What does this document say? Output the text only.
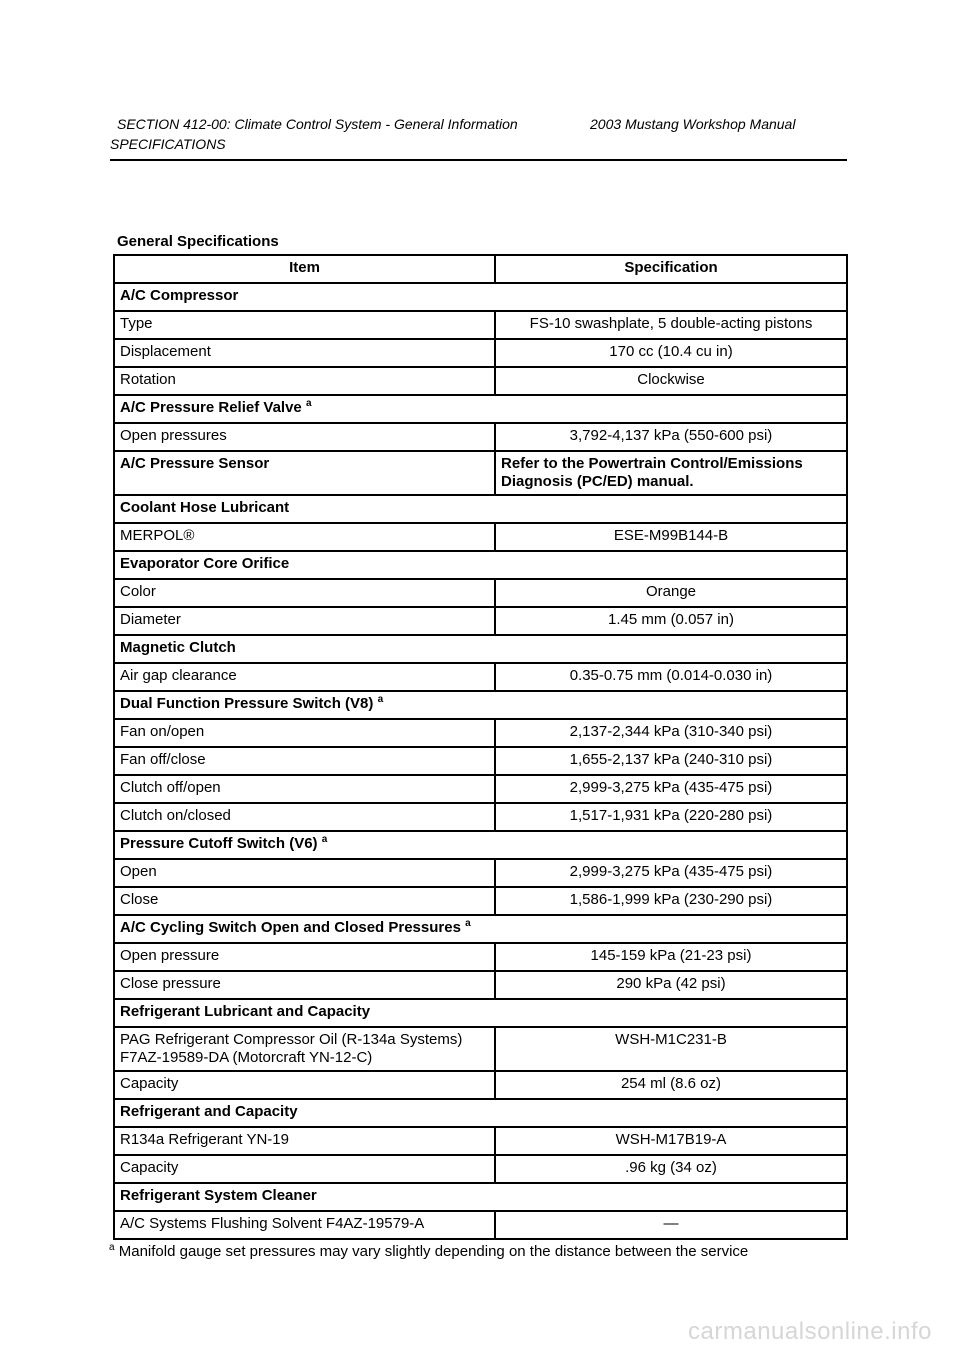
SECTION 412-00: Climate Control System - General Information	2003 Mustang Workshop Manual
SPECIFICATIONS
General Specifications
Item	Specification
A/C Compressor	
Type	FS-10 swashplate, 5 double-acting pistons
Displacement	170 cc (10.4 cu in)
Rotation	Clockwise
A/C Pressure Relief Valve $^a$
Open pressures	3,792-4,137 kPa (550-600 psi)
A/C Pressure Sensor	Refer to the Powertrain Control/Emissions Diagnosis (PC/ED) manual.
Coolant Hose Lubricant	
MERPOL®	ESE-M99B144-B
Evaporator Core Orifice	
Color	Orange
Diameter	1.45 mm (0.057 in)
Magnetic Clutch	
Air gap clearance	0.35-0.75 mm (0.014-0.030 in)
Dual Function Pressure Switch (V8) $^a$
Fan on/open	2,137-2,344 kPa (310-340 psi)
Fan off/close	1,655-2,137 kPa (240-310 psi)
Clutch off/open	2,999-3,275 kPa (435-475 psi)
Clutch on/closed	1,517-1,931 kPa (220-280 psi)
Pressure Cutoff Switch (V6) $^a$
Open	2,999-3,275 kPa (435-475 psi)
Close	1,586-1,999 kPa (230-290 psi)
A/C Cycling Switch Open and Closed Pressures $^a$
Open pressure	145-159 kPa (21-23 psi)
Close pressure	290 kPa (42 psi)
Refrigerant Lubricant and Capacity	
PAG Refrigerant Compressor Oil (R-134a Systems) F7AZ-19589-DA (Motorcraft YN-12-C)	WSH-M1C231-B
Capacity	254 ml (8.6 oz)
Refrigerant and Capacity	
R134a Refrigerant YN-19	WSH-M17B19-A
Capacity	.96 kg (34 oz)
Refrigerant System Cleaner	
A/C Systems Flushing Solvent F4AZ-19579-A	—
$^a$ Manifold gauge set pressures may vary slightly depending on the distance between the service
carmanualsonline.info
